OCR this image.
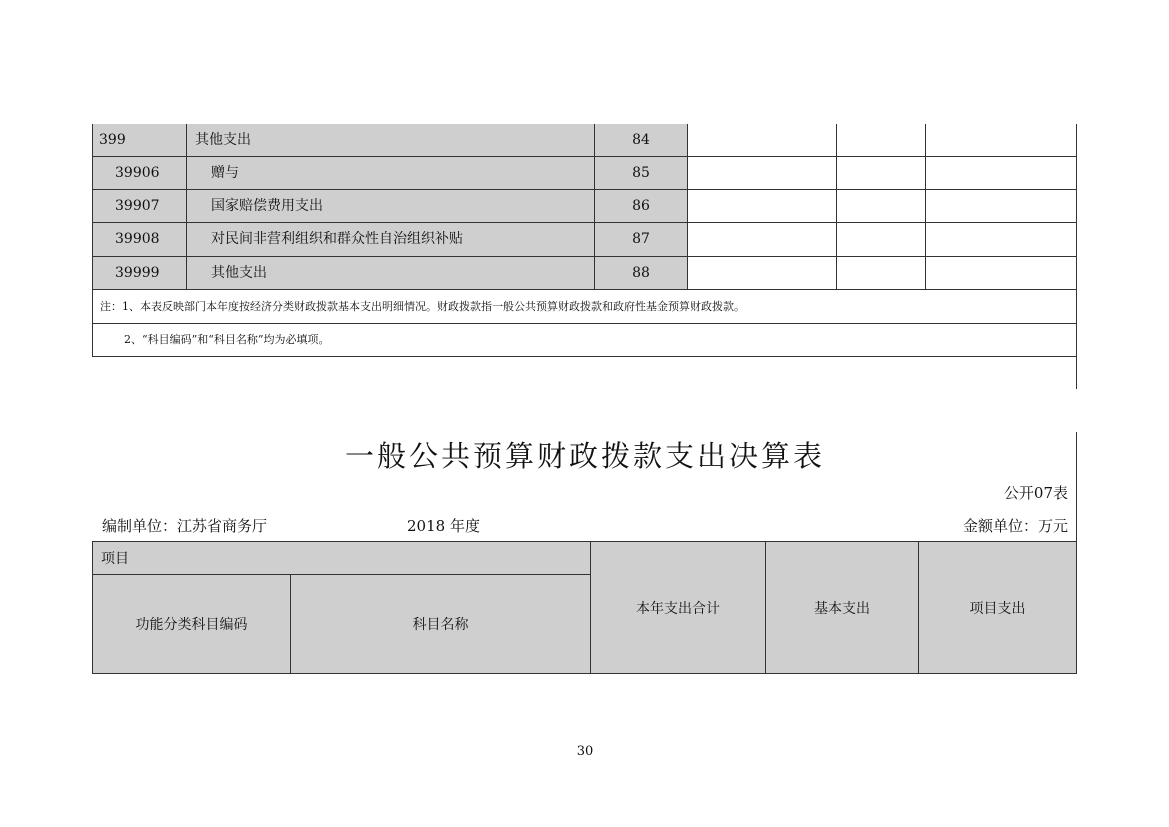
399	其他支出	84
39906	赠与	85
39907	国家赔偿费用支出	86
39908	对民间非营利组织和群众性自治组织补贴	87
39999	其他支出	88
注：1、本表反映部门本年度按经济分类财政拨款基本支出明细情况。财政拨款指一般公共预算财政拨款和政府性基金预算财政拨款。
2、“科目编码”和“科目名称”均为必填项。
一般公共预算财政拨款支出决算表
公开07表
编制单位：江苏省商务厅	2018 年度	金额单位：万元
项目
功能分类科目编码	科目名称
本年支出合计	基本支出	项目支出
30
